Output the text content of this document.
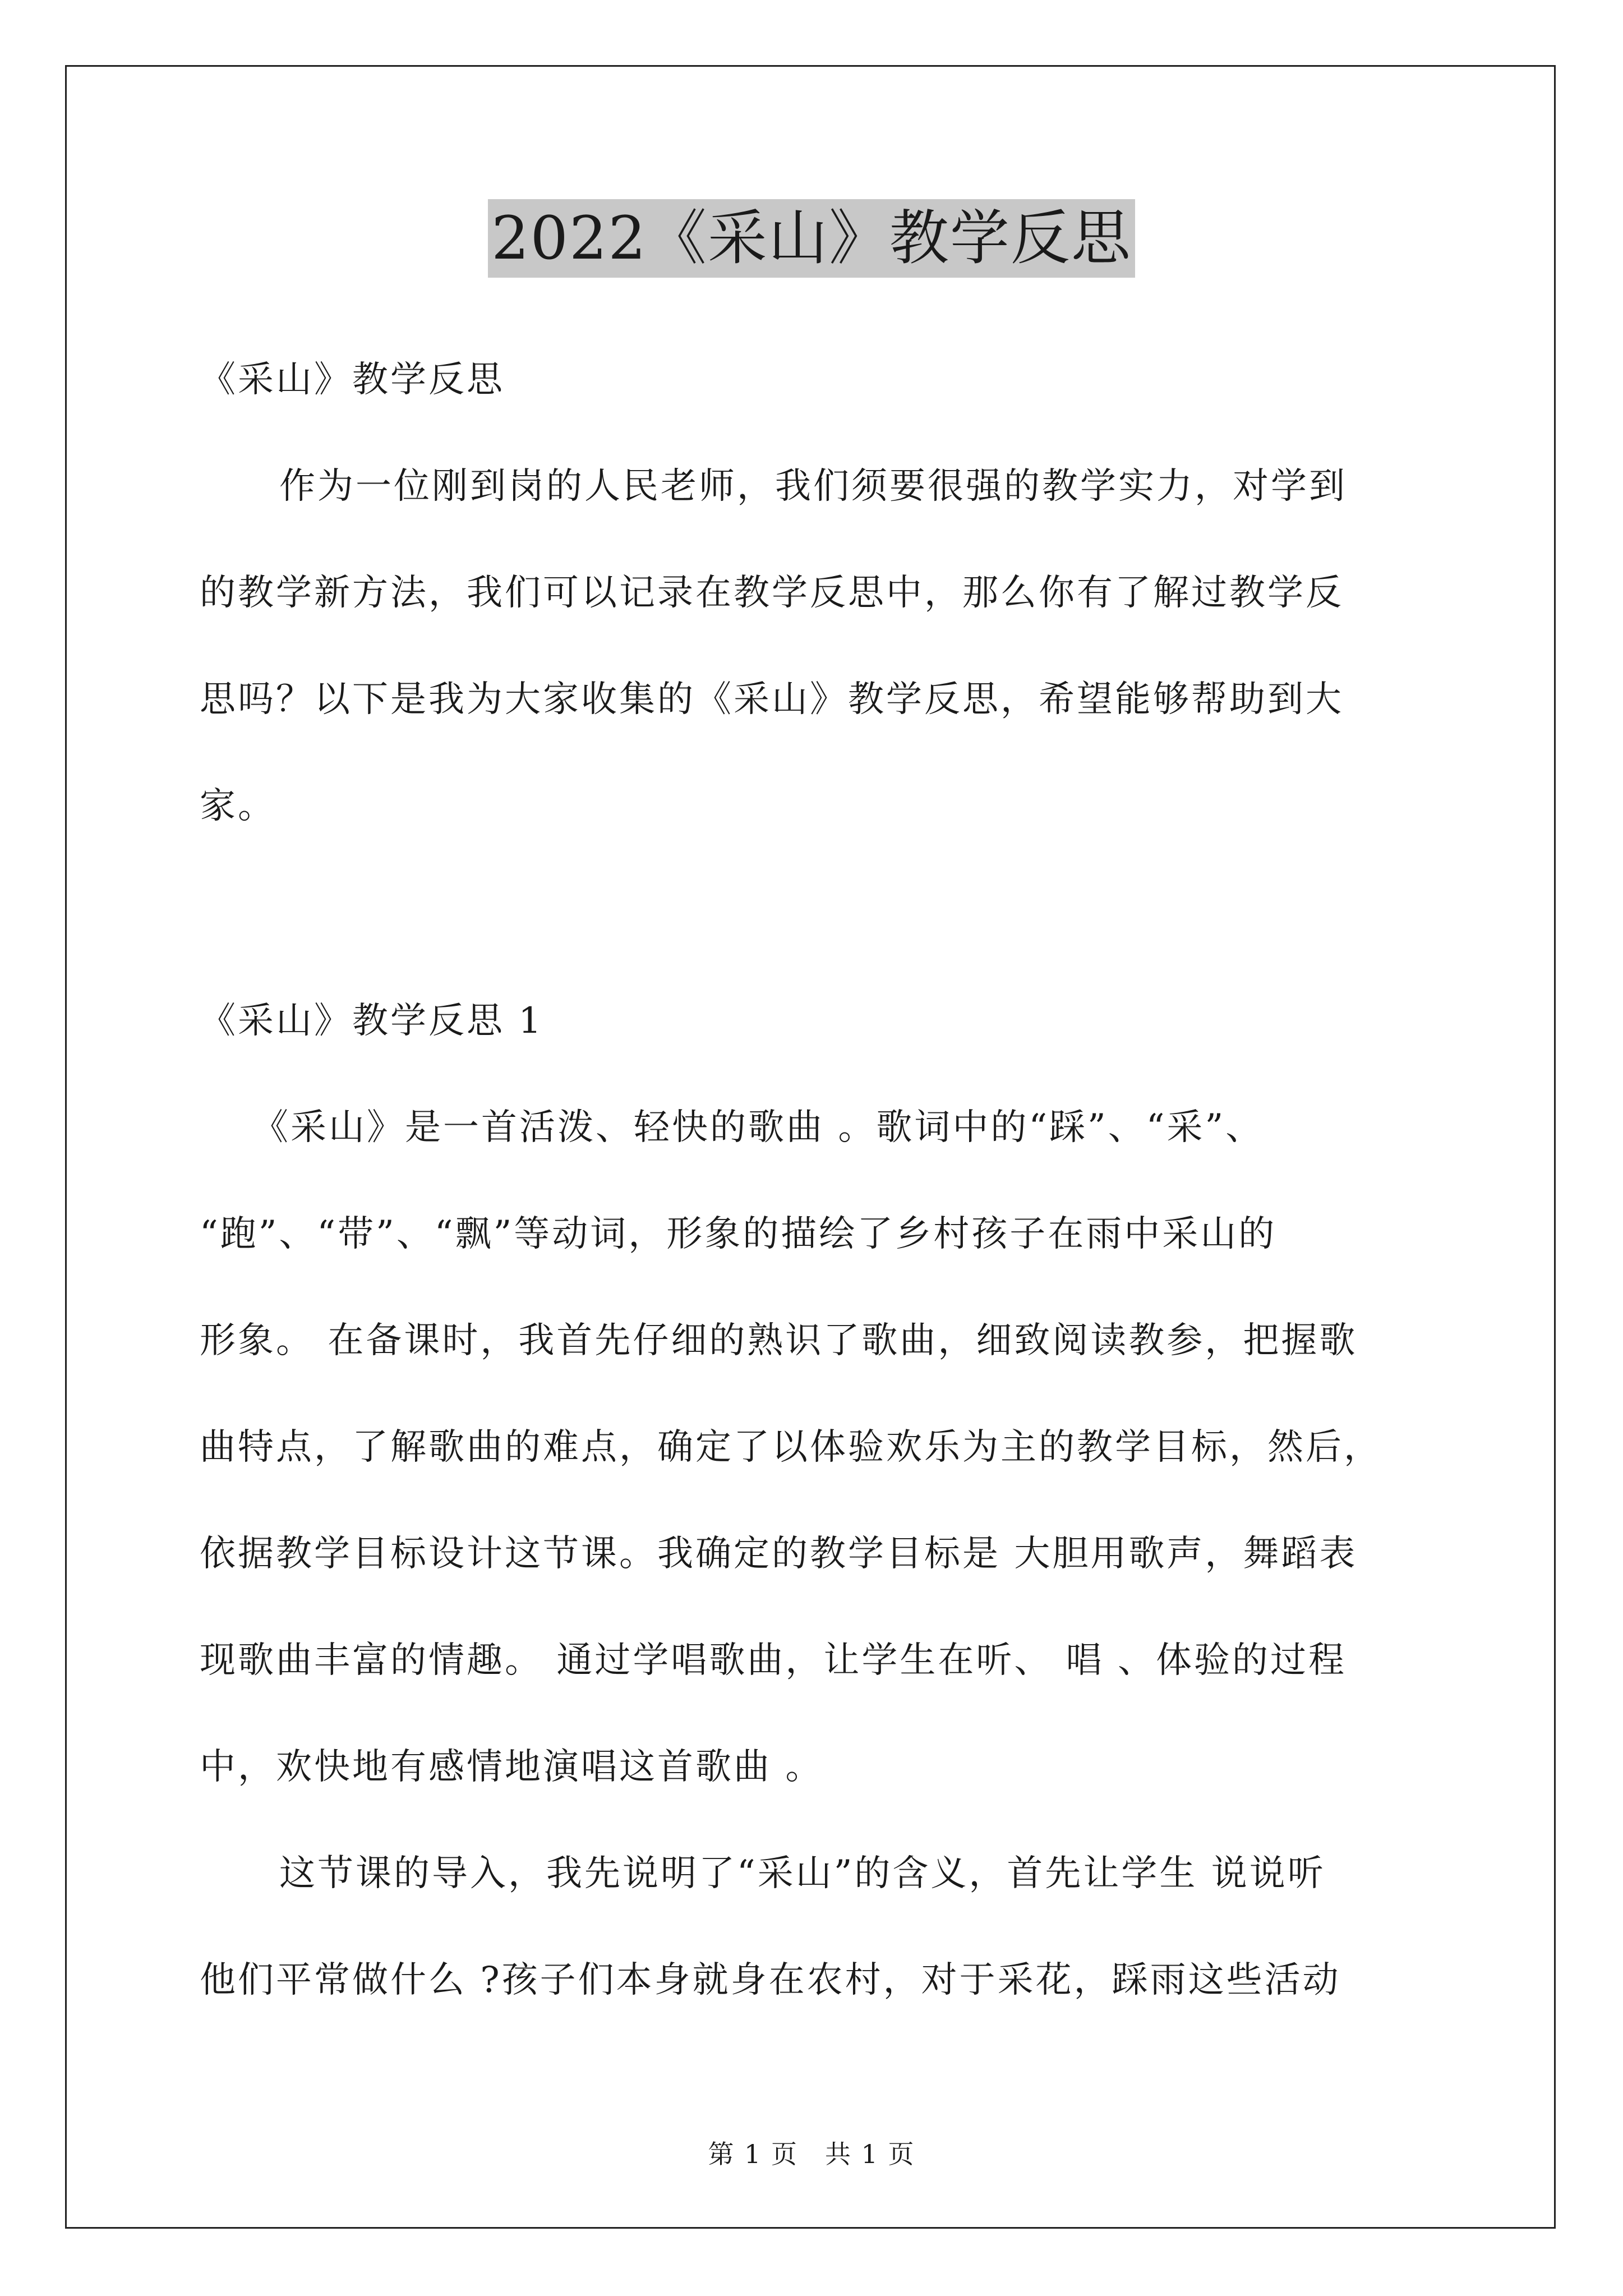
2022《采山》教学反思
《采山》教学反思
作为一位刚到岗的人民老师，我们须要很强的教学实力，对学到
的教学新方法，我们可以记录在教学反思中，那么你有了解过教学反
思吗？以下是我为大家收集的《采山》教学反思，希望能够帮助到大
家。
《采山》教学反思 1
《采山》是一首活泼、轻快的歌曲 。歌词中的“踩”、“采”、
“跑”、“带”、“飘”等动词，形象的描绘了乡村孩子在雨中采山的
形象。 在备课时，我首先仔细的熟识了歌曲，细致阅读教参，把握歌
曲特点，了解歌曲的难点，确定了以体验欢乐为主的教学目标，然后，
依据教学目标设计这节课。我确定的教学目标是 大胆用歌声，舞蹈表
现歌曲丰富的情趣。 通过学唱歌曲，让学生在听、 唱 、体验的过程
中，欢快地有感情地演唱这首歌曲 。
这节课的导入，我先说明了“采山”的含义，首先让学生 说说听
他们平常做什么 ?孩子们本身就身在农村，对于采花，踩雨这些活动
第 1 页　共 1 页
